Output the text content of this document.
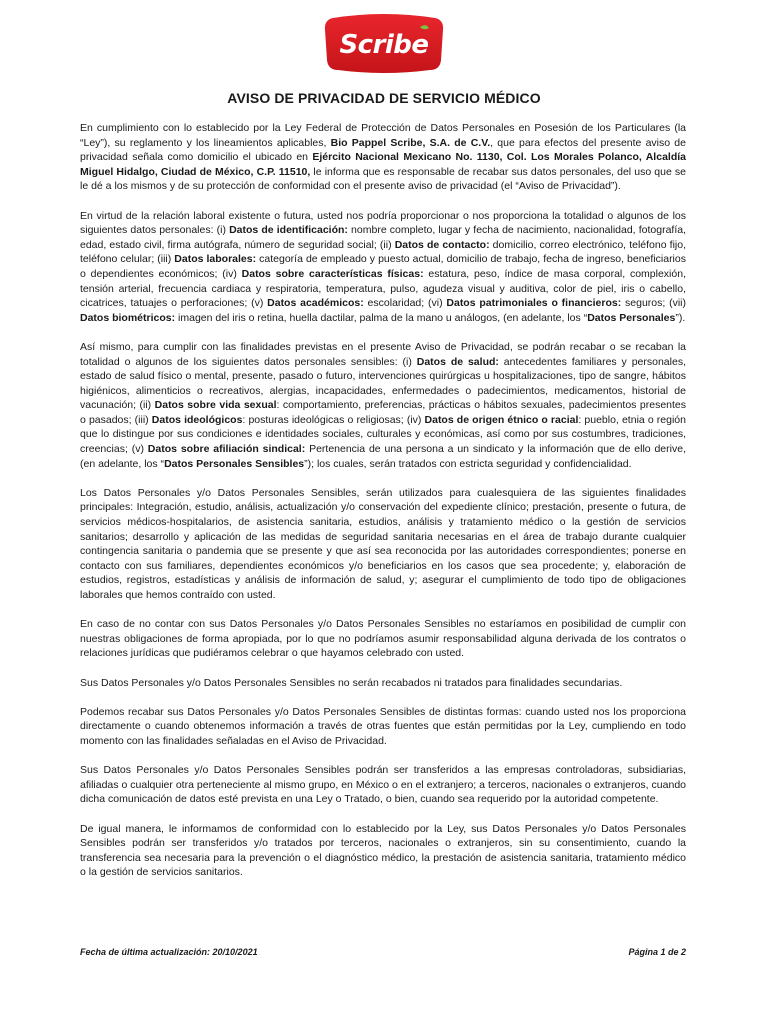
Scribe
AVISO DE PRIVACIDAD DE SERVICIO MÉDICO

En cumplimiento con lo establecido por la Ley Federal de Protección de Datos Personales en Posesión de los Particulares (la “Ley”), su reglamento y los lineamientos aplicables, Bio Pappel Scribe, S.A. de C.V., que para efectos del presente aviso de privacidad señala como domicilio el ubicado en Ejército Nacional Mexicano No. 1130, Col. Los Morales Polanco, Alcaldía Miguel Hidalgo, Ciudad de México, C.P. 11510, le informa que es responsable de recabar sus datos personales, del uso que se le dé a los mismos y de su protección de conformidad con el presente aviso de privacidad (el “Aviso de Privacidad”).

En virtud de la relación laboral existente o futura, usted nos podría proporcionar o nos proporciona la totalidad o algunos de los siguientes datos personales: (i) Datos de identificación: nombre completo, lugar y fecha de nacimiento, nacionalidad, fotografía, edad, estado civil, firma autógrafa, número de seguridad social; (ii) Datos de contacto: domicilio, correo electrónico, teléfono fijo, teléfono celular; (iii) Datos laborales: categoría de empleado y puesto actual, domicilio de trabajo, fecha de ingreso, beneficiarios o dependientes económicos; (iv) Datos sobre características físicas: estatura, peso, índice de masa corporal, complexión, tensión arterial, frecuencia cardiaca y respiratoria, temperatura, pulso, agudeza visual y auditiva, color de piel, iris o cabello, cicatrices, tatuajes o perforaciones; (v) Datos académicos: escolaridad; (vi) Datos patrimoniales o financieros: seguros; (vii) Datos biométricos: imagen del iris o retina, huella dactilar, palma de la mano u análogos, (en adelante, los “Datos Personales”).

Así mismo, para cumplir con las finalidades previstas en el presente Aviso de Privacidad, se podrán recabar o se recaban la totalidad o algunos de los siguientes datos personales sensibles: (i) Datos de salud: antecedentes familiares y personales, estado de salud físico o mental, presente, pasado o futuro, intervenciones quirúrgicas u hospitalizaciones, tipo de sangre, hábitos higiénicos, alimenticios o recreativos, alergias, incapacidades, enfermedades o padecimientos, medicamentos, historial de vacunación; (ii) Datos sobre vida sexual: comportamiento, preferencias, prácticas o hábitos sexuales, padecimientos presentes o pasados; (iii) Datos ideológicos: posturas ideológicas o religiosas; (iv) Datos de origen étnico o racial: pueblo, etnia o región que lo distingue por sus condiciones e identidades sociales, culturales y económicas, así como por sus costumbres, tradiciones, creencias; (v) Datos sobre afiliación sindical: Pertenencia de una persona a un sindicato y la información que de ello derive, (en adelante, los “Datos Personales Sensibles”); los cuales, serán tratados con estricta seguridad y confidencialidad.

Los Datos Personales y/o Datos Personales Sensibles, serán utilizados para cualesquiera de las siguientes finalidades principales: Integración, estudio, análisis, actualización y/o conservación del expediente clínico; prestación, presente o futura, de servicios médicos-hospitalarios, de asistencia sanitaria, estudios, análisis y tratamiento médico o la gestión de servicios sanitarios; desarrollo y aplicación de las medidas de seguridad sanitaria necesarias en el área de trabajo durante cualquier contingencia sanitaria o pandemia que se presente y que así sea reconocida por las autoridades correspondientes; ponerse en contacto con sus familiares, dependientes económicos y/o beneficiarios en los casos que sea procedente; y, elaboración de estudios, registros, estadísticas y análisis de información de salud, y; asegurar el cumplimiento de todo tipo de obligaciones laborales que hemos contraído con usted.

En caso de no contar con sus Datos Personales y/o Datos Personales Sensibles no estaríamos en posibilidad de cumplir con nuestras obligaciones de forma apropiada, por lo que no podríamos asumir responsabilidad alguna derivada de los contratos o relaciones jurídicas que pudiéramos celebrar o que hayamos celebrado con usted.

Sus Datos Personales y/o Datos Personales Sensibles no serán recabados ni tratados para finalidades secundarias.

Podemos recabar sus Datos Personales y/o Datos Personales Sensibles de distintas formas: cuando usted nos los proporciona directamente o cuando obtenemos información a través de otras fuentes que están permitidas por la Ley, cumpliendo en todo momento con las finalidades señaladas en el Aviso de Privacidad.

Sus Datos Personales y/o Datos Personales Sensibles podrán ser transferidos a las empresas controladoras, subsidiarias, afiliadas o cualquier otra perteneciente al mismo grupo, en México o en el extranjero; a terceros, nacionales o extranjeros, cuando dicha comunicación de datos esté prevista en una Ley o Tratado, o bien, cuando sea requerido por la autoridad competente.

De igual manera, le informamos de conformidad con lo establecido por la Ley, sus Datos Personales y/o Datos Personales Sensibles podrán ser transferidos y/o tratados por terceros, nacionales o extranjeros, sin su consentimiento, cuando la transferencia sea necesaria para la prevención o el diagnóstico médico, la prestación de asistencia sanitaria, tratamiento médico o la gestión de servicios sanitarios.

Fecha de última actualización: 20/10/2021	Página 1 de 2
